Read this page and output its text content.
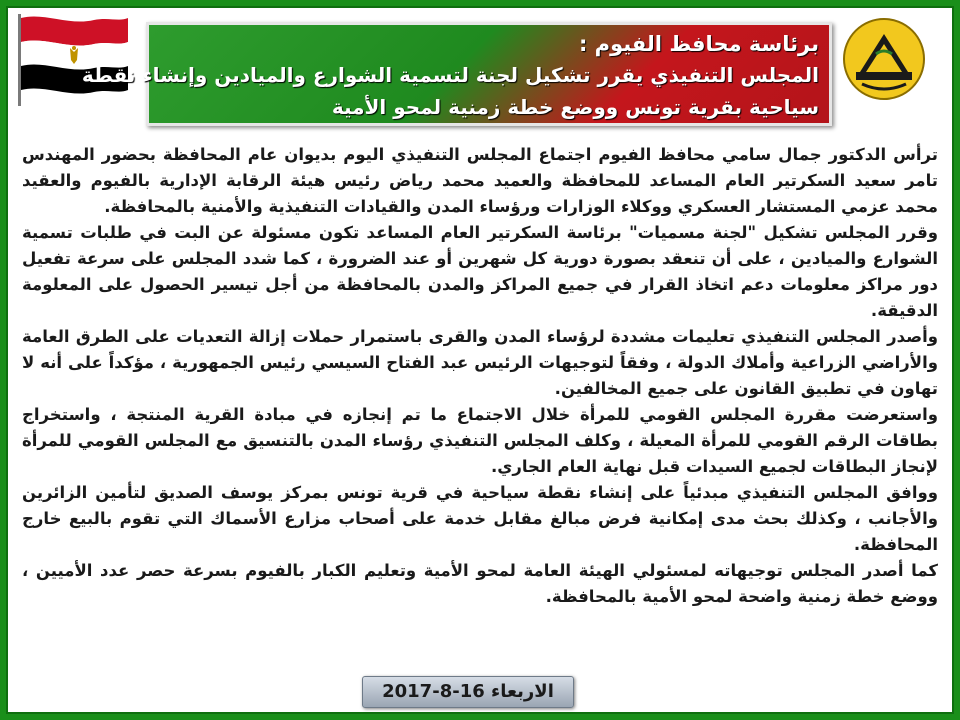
برئاسة محافظ الفيوم :
المجلس التنفيذي يقرر تشكيل لجنة لتسمية الشوارع والميادين وإنشاء نقطة
سياحية بقرية تونس ووضع خطة زمنية لمحو الأمية

ترأس الدكتور جمال سامي محافظ الفيوم اجتماع المجلس التنفيذي اليوم بديوان عام المحافظة بحضور المهندس تامر سعيد السكرتير العام المساعد للمحافظة والعميد محمد رياض رئيس هيئة الرقابة الإدارية بالفيوم والعقيد محمد عزمي المستشار العسكري ووكلاء الوزارات ورؤساء المدن والقيادات التنفيذية والأمنية بالمحافظة.

وقرر المجلس تشكيل "لجنة مسميات" برئاسة السكرتير العام المساعد تكون مسئولة عن البت في طلبات تسمية الشوارع والميادين ، على أن تنعقد بصورة دورية كل شهرين أو عند الضرورة ، كما شدد المجلس على سرعة تفعيل دور مراكز معلومات دعم اتخاذ القرار في جميع المراكز والمدن بالمحافظة من أجل تيسير الحصول على المعلومة الدقيقة.

وأصدر المجلس التنفيذي تعليمات مشددة لرؤساء المدن والقرى باستمرار حملات إزالة التعديات على الطرق العامة والأراضي الزراعية وأملاك الدولة ، وفقاً لتوجيهات الرئيس عبد الفتاح السيسي رئيس الجمهورية ، مؤكداً على أنه لا تهاون في تطبيق القانون على جميع المخالفين.

واستعرضت مقررة المجلس القومي للمرأة خلال الاجتماع ما تم إنجازه في مبادة القرية المنتجة ، واستخراج بطاقات الرقم القومي للمرأة المعيلة ، وكلف المجلس التنفيذي رؤساء المدن بالتنسيق مع المجلس القومي للمرأة لإنجاز البطاقات لجميع السيدات قبل نهاية العام الجاري.

ووافق المجلس التنفيذي مبدئياً على إنشاء نقطة سياحية في قرية تونس بمركز يوسف الصديق لتأمين الزائرين والأجانب ، وكذلك بحث مدى إمكانية فرض مبالغ مقابل خدمة على أصحاب مزارع الأسماك التي تقوم بالبيع خارج المحافظة.

كما أصدر المجلس توجيهاته لمسئولي الهيئة العامة لمحو الأمية وتعليم الكبار بالفيوم بسرعة حصر عدد الأميين ، ووضع خطة زمنية واضحة لمحو الأمية بالمحافظة.

الاربعاء 16-8-2017
